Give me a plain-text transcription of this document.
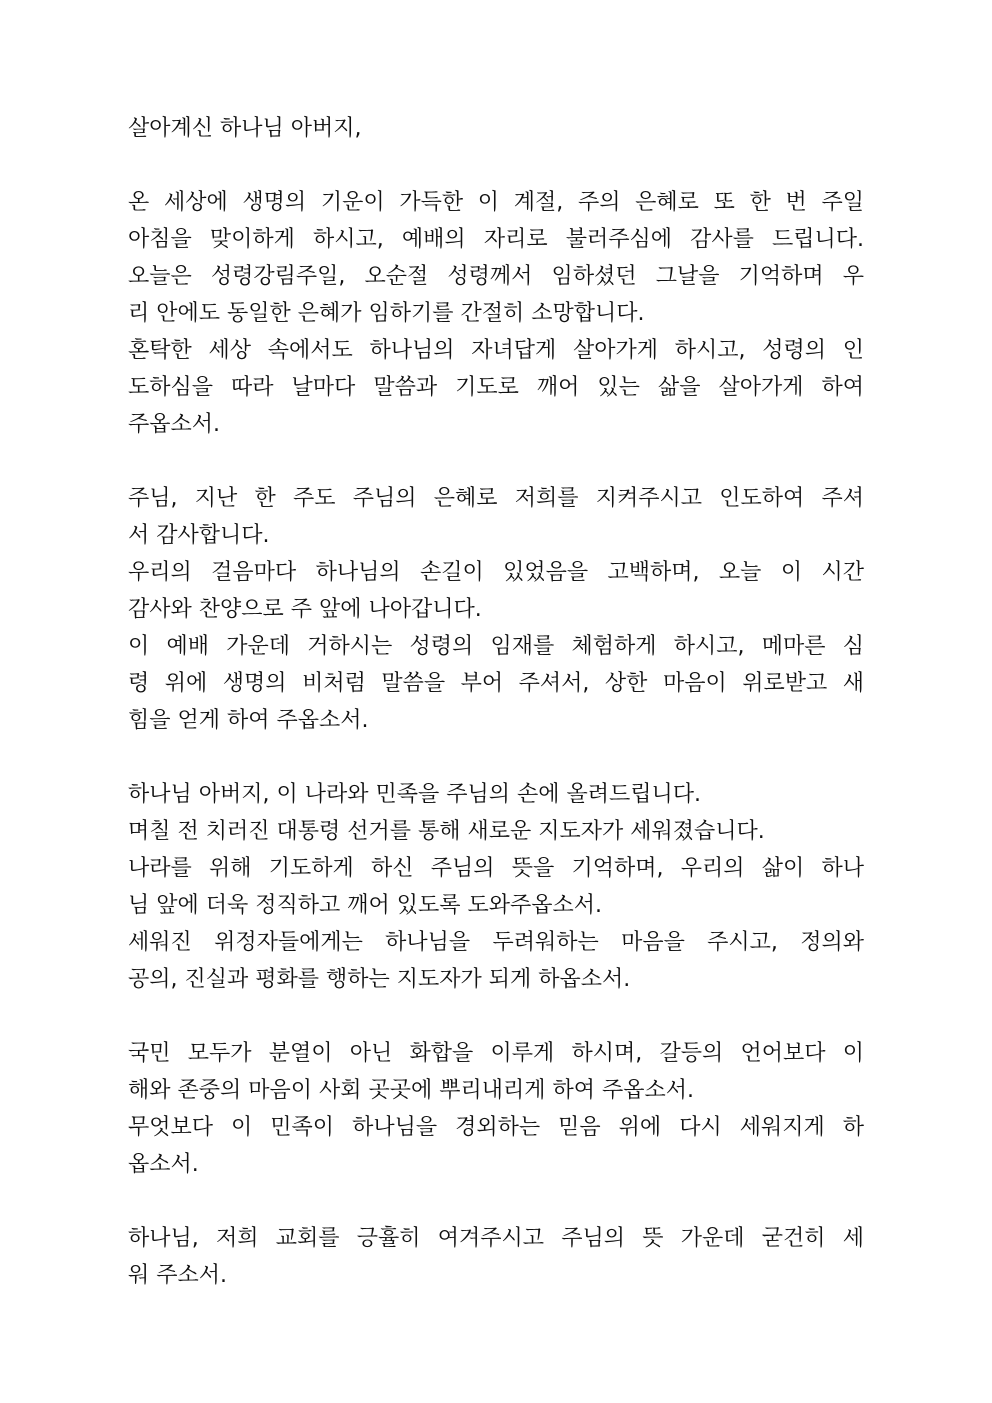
살아계신 하나님 아버지,
온 세상에 생명의 기운이 가득한 이 계절, 주의 은혜로 또 한 번 주일
아침을 맞이하게 하시고, 예배의 자리로 불러주심에 감사를 드립니다.
오늘은 성령강림주일, 오순절 성령께서 임하셨던 그날을 기억하며 우
리 안에도 동일한 은혜가 임하기를 간절히 소망합니다.
혼탁한 세상 속에서도 하나님의 자녀답게 살아가게 하시고, 성령의 인
도하심을 따라 날마다 말씀과 기도로 깨어 있는 삶을 살아가게 하여
주옵소서.
주님, 지난 한 주도 주님의 은혜로 저희를 지켜주시고 인도하여 주셔
서 감사합니다.
우리의 걸음마다 하나님의 손길이 있었음을 고백하며, 오늘 이 시간
감사와 찬양으로 주 앞에 나아갑니다.
이 예배 가운데 거하시는 성령의 임재를 체험하게 하시고, 메마른 심
령 위에 생명의 비처럼 말씀을 부어 주셔서, 상한 마음이 위로받고 새
힘을 얻게 하여 주옵소서.
하나님 아버지, 이 나라와 민족을 주님의 손에 올려드립니다.
며칠 전 치러진 대통령 선거를 통해 새로운 지도자가 세워졌습니다.
나라를 위해 기도하게 하신 주님의 뜻을 기억하며, 우리의 삶이 하나
님 앞에 더욱 정직하고 깨어 있도록 도와주옵소서.
세워진 위정자들에게는 하나님을 두려워하는 마음을 주시고, 정의와
공의, 진실과 평화를 행하는 지도자가 되게 하옵소서.
국민 모두가 분열이 아닌 화합을 이루게 하시며, 갈등의 언어보다 이
해와 존중의 마음이 사회 곳곳에 뿌리내리게 하여 주옵소서.
무엇보다 이 민족이 하나님을 경외하는 믿음 위에 다시 세워지게 하
옵소서.
하나님, 저희 교회를 긍휼히 여겨주시고 주님의 뜻 가운데 굳건히 세
워 주소서.
